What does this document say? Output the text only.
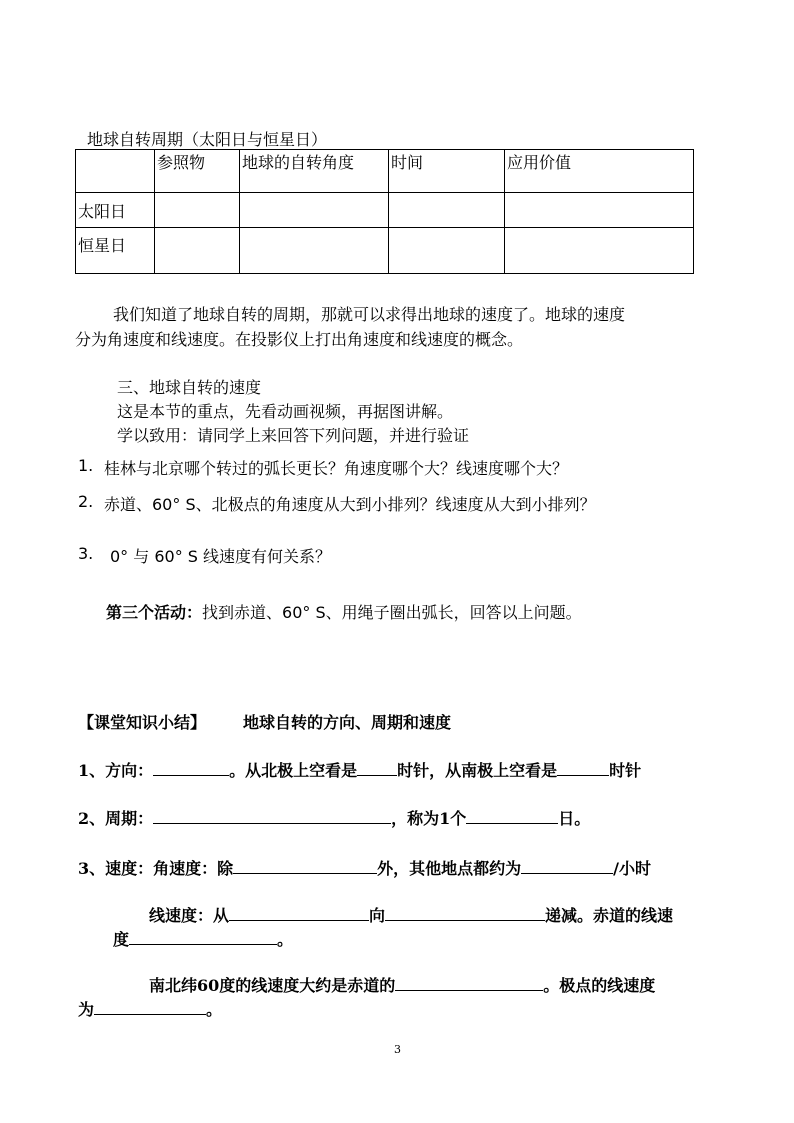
地球自转周期（太阳日与恒星日）
	参照物	地球的自转角度	时间	应用价值
太阳日				
恒星日				
我们知道了地球自转的周期，那就可以求得出地球的速度了。地球的速度
分为角速度和线速度。在投影仪上打出角速度和线速度的概念。
三、地球自转的速度
这是本节的重点，先看动画视频，再据图讲解。
学以致用：请同学上来回答下列问题，并进行验证
1. 桂林与北京哪个转过的弧长更长？角速度哪个大？线速度哪个大？
2. 赤道、60° S、北极点的角速度从大到小排列？线速度从大到小排列？
3. 0° 与 60° S 线速度有何关系？
第三个活动：找到赤道、60° S、用绳子圈出弧长，回答以上问题。
【课堂知识小结】 地球自转的方向、周期和速度
1、方向：	。从北极上空看是	时针，从南极上空看是	时针
2、周期：	，称为1个	日。
3、速度：角速度：除	外，其他地点都约为	/小时
线速度：从	向	递减。赤道的线速
度	。
南北纬60度的线速度大约是赤道的	。极点的线速度
为	。
3
